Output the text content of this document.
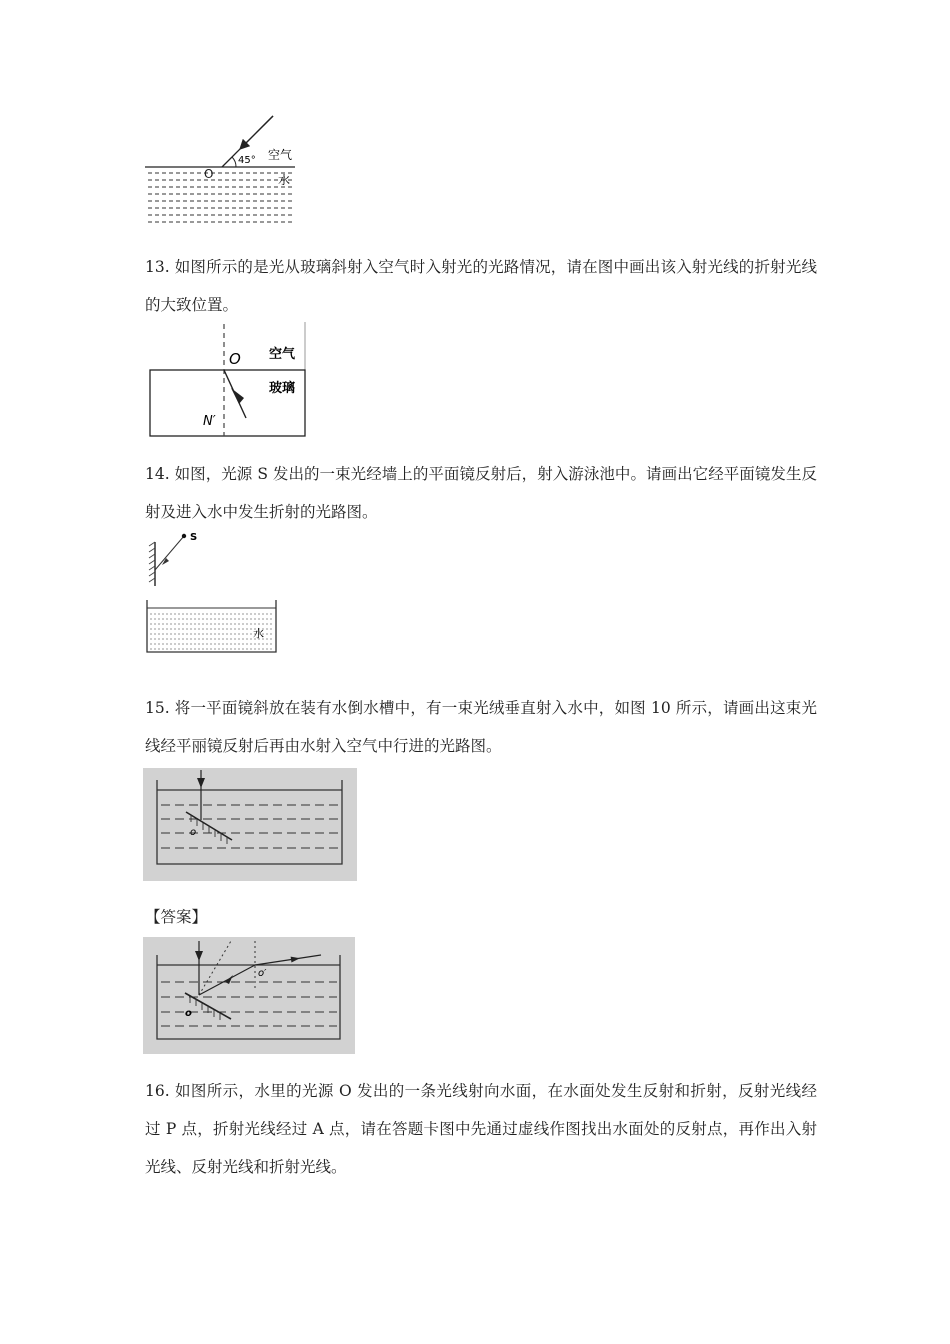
45° 空气
O	水
13. 如图所示的是光从玻璃斜射入空气时入射光的光路情况，请在图中画出该入射光线的折射光线的大致位置。
O 空气
玻璃
N′
14. 如图，光源 S 发出的一束光经墙上的平面镜反射后，射入游泳池中。请画出它经平面镜发生反射及进入水中发生折射的光路图。
S
水
15. 将一平面镜斜放在装有水倒水槽中，有一束光绒垂直射入水中，如图 10 所示，请画出这束光线经平丽镜反射后再由水射入空气中行进的光路图。
o
【答案】
o
o′
16. 如图所示，水里的光源 O 发出的一条光线射向水面，在水面处发生反射和折射，反射光线经过 P 点，折射光线经过 A 点，请在答题卡图中先通过虚线作图找出水面处的反射点，再作出入射光线、反射光线和折射光线。
